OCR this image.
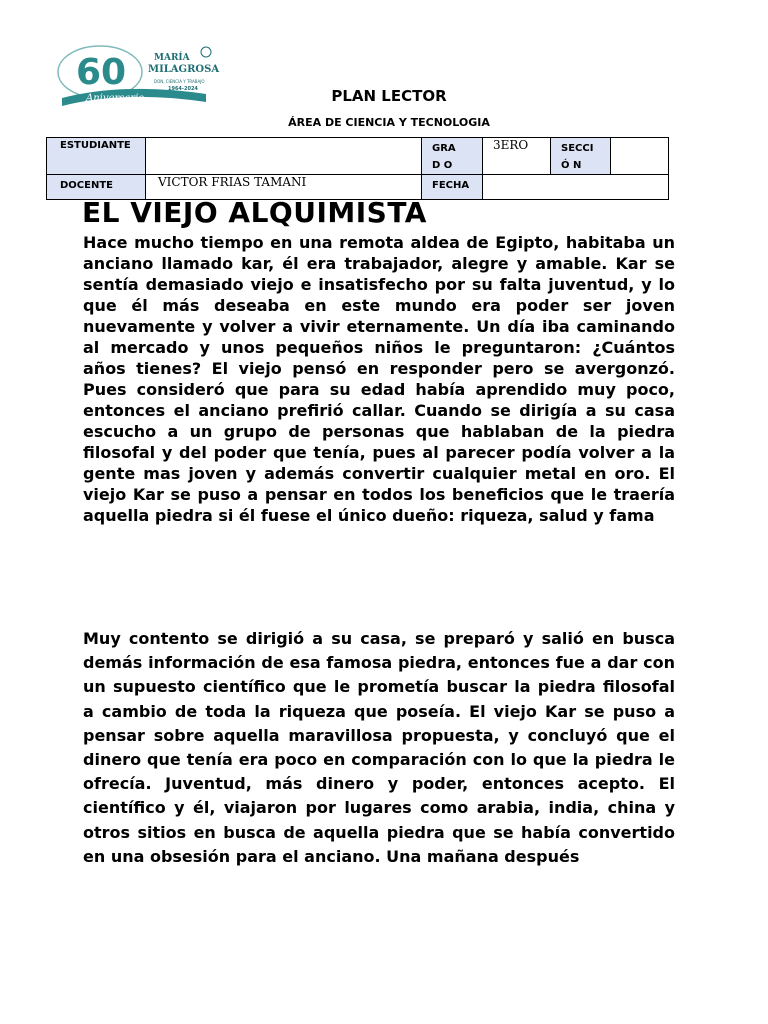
60
Aniversario
MARÍA
MILAGROSA
DON, CIENCIA Y TRABAJO
1964-2024	PLAN LECTOR
ÁREA DE CIENCIA Y TECNOLOGIA
ESTUDIANTE		GRAD O	3ERO	SECCIÓ N	

DOCENTE	VICTOR FRIAS TAMANI	FECHA			

EL VIEJO ALQUIMISTA

Hace mucho tiempo en una remota aldea de Egipto, habitaba un anciano llamado kar, él era trabajador, alegre y amable. Kar se sentía demasiado viejo e insatisfecho por su falta juventud, y lo que él más deseaba en este mundo era poder ser joven nuevamente y volver a vivir eternamente. Un día iba caminando al mercado y unos pequeños niños le preguntaron: ¿Cuántos años tienes? El viejo pensó en responder pero se avergonzó. Pues consideró que para su edad había aprendido muy poco, entonces el anciano prefirió callar. Cuando se dirigía a su casa escucho a un grupo de personas que hablaban de la piedra filosofal y del poder que tenía, pues al parecer podía volver a la gente mas joven y además convertir cualquier metal en oro. El viejo Kar se puso a pensar en todos los beneficios que le traería aquella piedra si él fuese el único dueño: riqueza, salud y fama

Muy contento se dirigió a su casa, se preparó y salió en busca demás información de esa famosa piedra, entonces fue a dar con un supuesto científico que le prometía buscar la piedra filosofal a cambio de toda la riqueza que poseía. El viejo Kar se puso a pensar sobre aquella maravillosa propuesta, y concluyó que el dinero que tenía era poco en comparación con lo que la piedra le ofrecía. Juventud, más dinero y poder, entonces acepto. El científico y él, viajaron por lugares como arabia, india, china y otros sitios en busca de aquella piedra que se había convertido en una obsesión para el anciano. Una mañana después
